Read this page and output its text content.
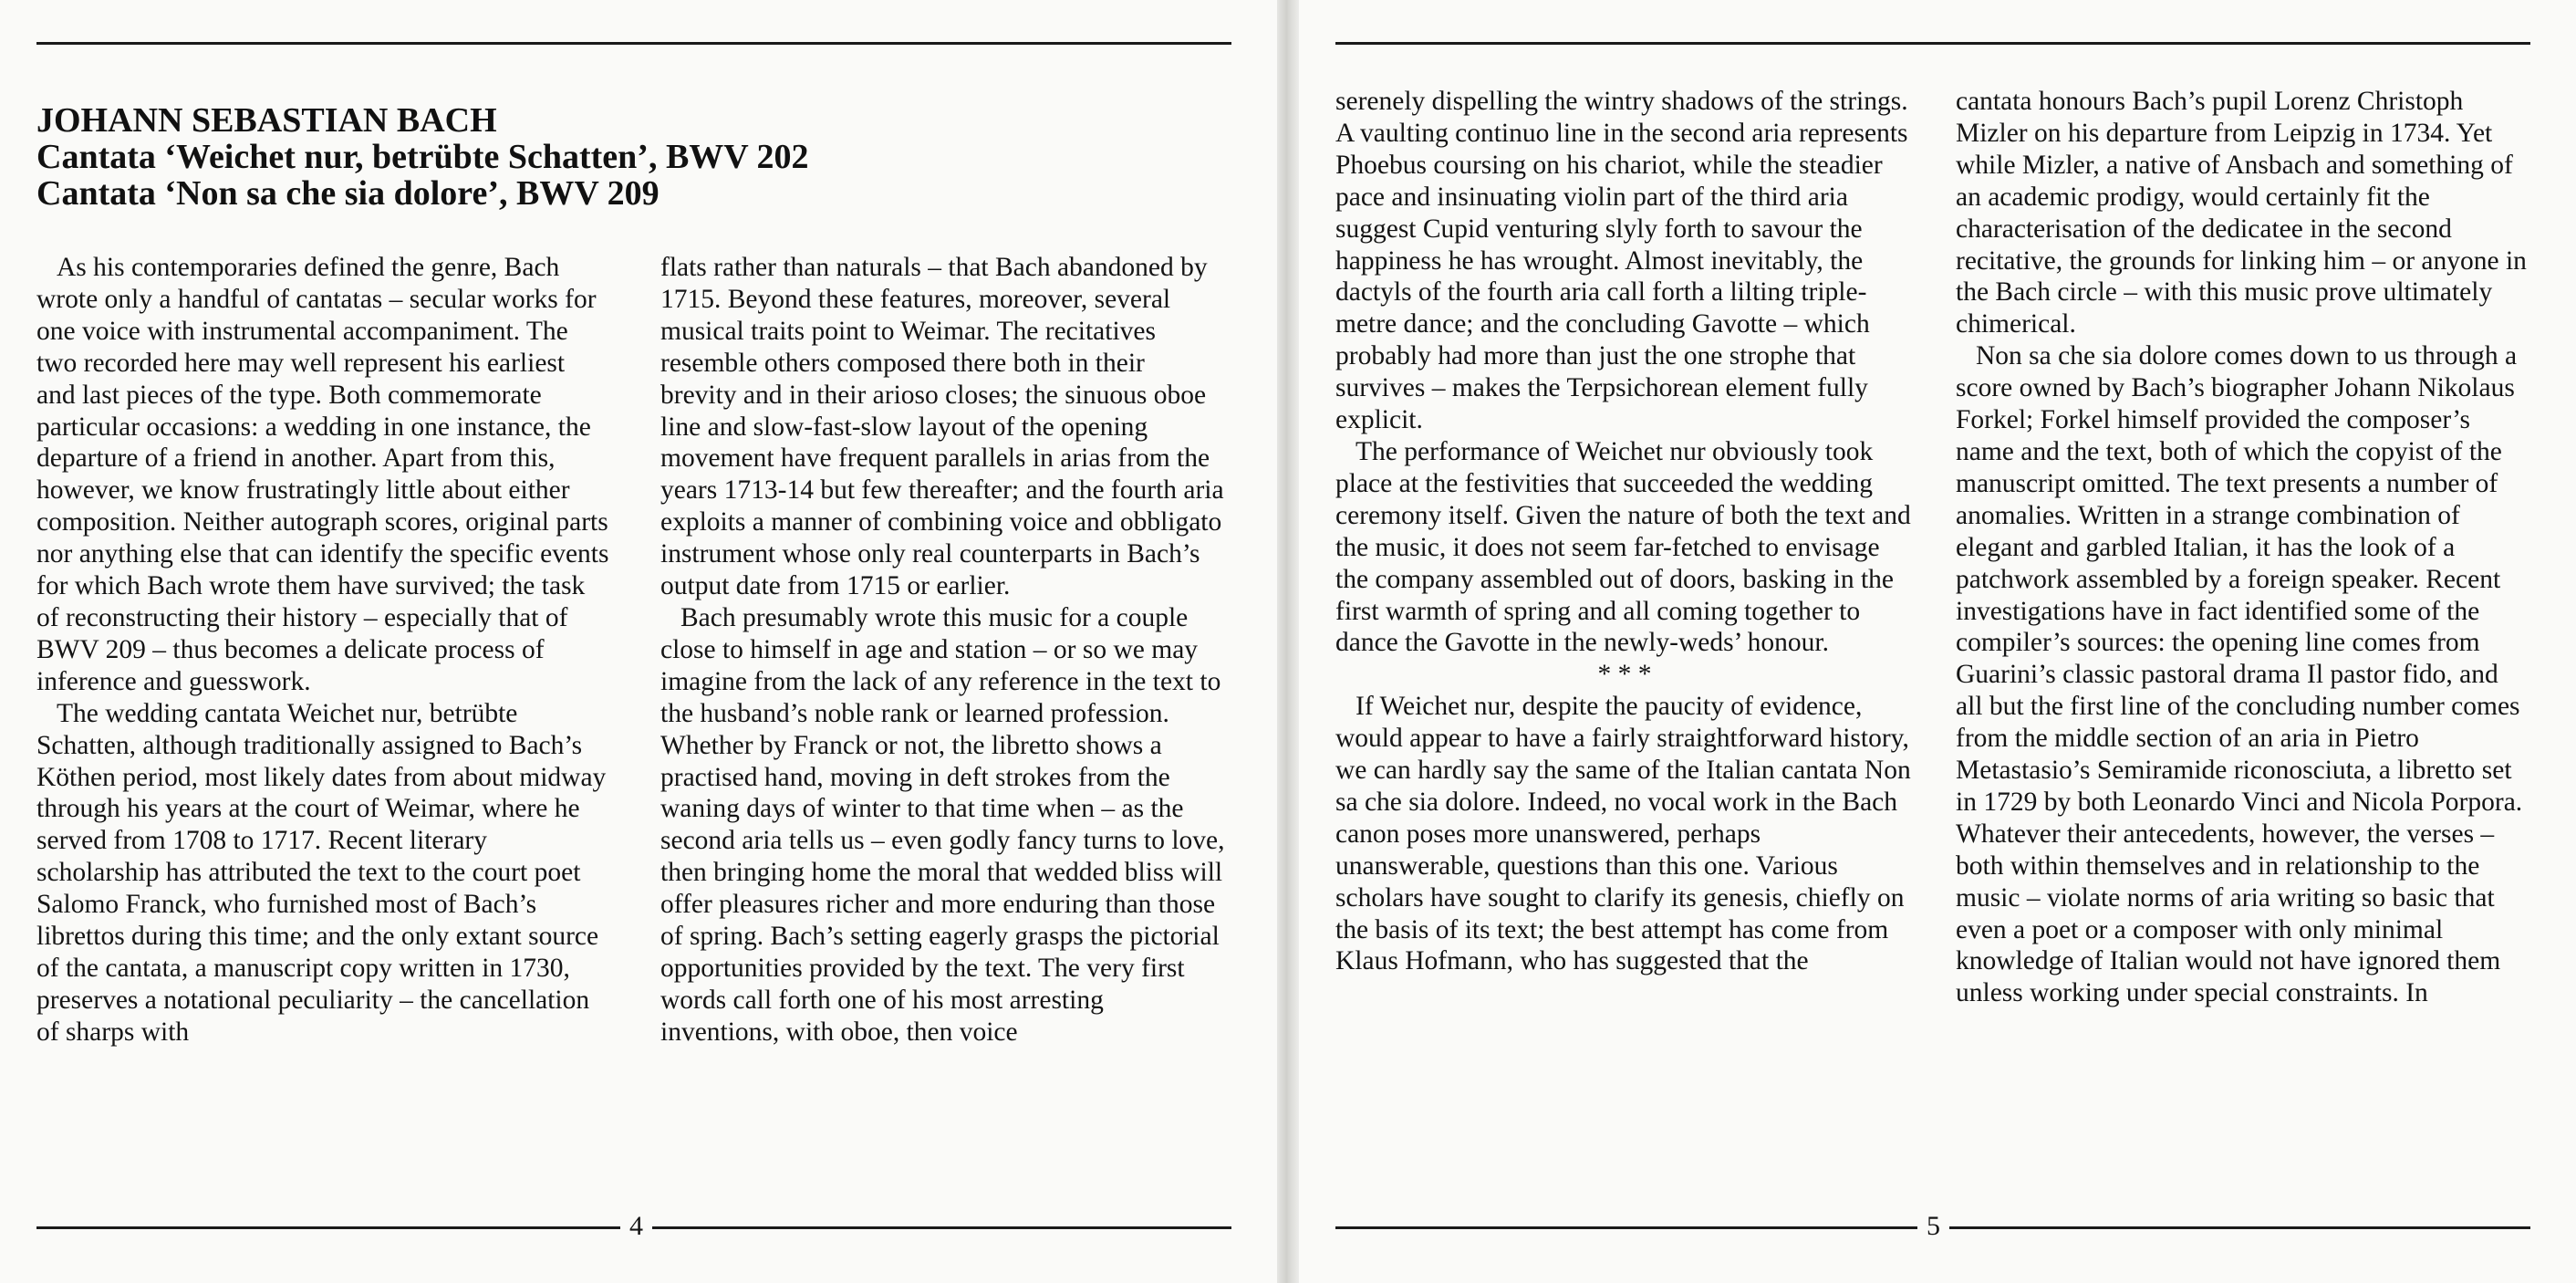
JOHANN SEBASTIAN BACH
Cantata ‘Weichet nur, betrübte Schatten’, BWV 202
Cantata ‘Non sa che sia dolore’, BWV 209

As his contemporaries defined the genre, Bach wrote only a handful of cantatas – secular works for one voice with instrumental accompaniment. The two recorded here may well represent his earliest and last pieces of the type. Both commemorate particular occasions: a wedding in one instance, the departure of a friend in another. Apart from this, however, we know frustratingly little about either composition. Neither autograph scores, original parts nor anything else that can identify the specific events for which Bach wrote them have survived; the task of reconstructing their history – especially that of BWV 209 – thus becomes a delicate process of inference and guesswork.

The wedding cantata Weichet nur, betrübte Schatten, although traditionally assigned to Bach’s Köthen period, most likely dates from about midway through his years at the court of Weimar, where he served from 1708 to 1717. Recent literary scholarship has attributed the text to the court poet Salomo Franck, who furnished most of Bach’s librettos during this time; and the only extant source of the cantata, a manuscript copy written in 1730, preserves a notational peculiarity – the cancellation of sharps with

flats rather than naturals – that Bach abandoned by 1715. Beyond these features, moreover, several musical traits point to Weimar. The recitatives resemble others composed there both in their brevity and in their arioso closes; the sinuous oboe line and slow-fast-slow layout of the opening movement have frequent parallels in arias from the years 1713-14 but few thereafter; and the fourth aria exploits a manner of combining voice and obbligato instrument whose only real counterparts in Bach’s output date from 1715 or earlier.

Bach presumably wrote this music for a couple close to himself in age and station – or so we may imagine from the lack of any reference in the text to the husband’s noble rank or learned profession. Whether by Franck or not, the libretto shows a practised hand, moving in deft strokes from the waning days of winter to that time when – as the second aria tells us – even godly fancy turns to love, then bringing home the moral that wedded bliss will offer pleasures richer and more enduring than those of spring. Bach’s setting eagerly grasps the pictorial opportunities provided by the text. The very first words call forth one of his most arresting inventions, with oboe, then voice

4

serenely dispelling the wintry shadows of the strings. A vaulting continuo line in the second aria represents Phoebus coursing on his chariot, while the steadier pace and insinuating violin part of the third aria suggest Cupid venturing slyly forth to savour the happiness he has wrought. Almost inevitably, the dactyls of the fourth aria call forth a lilting triple-metre dance; and the concluding Gavotte – which probably had more than just the one strophe that survives – makes the Terpsichorean element fully explicit.

The performance of Weichet nur obviously took place at the festivities that succeeded the wedding ceremony itself. Given the nature of both the text and the music, it does not seem far-fetched to envisage the company assembled out of doors, basking in the first warmth of spring and all coming together to dance the Gavotte in the newly-weds’ honour.

* * *

If Weichet nur, despite the paucity of evidence, would appear to have a fairly straightforward history, we can hardly say the same of the Italian cantata Non sa che sia dolore. Indeed, no vocal work in the Bach canon poses more unanswered, perhaps unanswerable, questions than this one. Various scholars have sought to clarify its genesis, chiefly on the basis of its text; the best attempt has come from Klaus Hofmann, who has suggested that the

cantata honours Bach’s pupil Lorenz Christoph Mizler on his departure from Leipzig in 1734. Yet while Mizler, a native of Ansbach and something of an academic prodigy, would certainly fit the characterisation of the dedicatee in the second recitative, the grounds for linking him – or anyone in the Bach circle – with this music prove ultimately chimerical.

Non sa che sia dolore comes down to us through a score owned by Bach’s biographer Johann Nikolaus Forkel; Forkel himself provided the composer’s name and the text, both of which the copyist of the manuscript omitted. The text presents a number of anomalies. Written in a strange combination of elegant and garbled Italian, it has the look of a patchwork assembled by a foreign speaker. Recent investigations have in fact identified some of the compiler’s sources: the opening line comes from Guarini’s classic pastoral drama Il pastor fido, and all but the first line of the concluding number comes from the middle section of an aria in Pietro Metastasio’s Semiramide riconosciuta, a libretto set in 1729 by both Leonardo Vinci and Nicola Porpora. Whatever their antecedents, however, the verses – both within themselves and in relationship to the music – violate norms of aria writing so basic that even a poet or a composer with only minimal knowledge of Italian would not have ignored them unless working under special constraints. In

5
